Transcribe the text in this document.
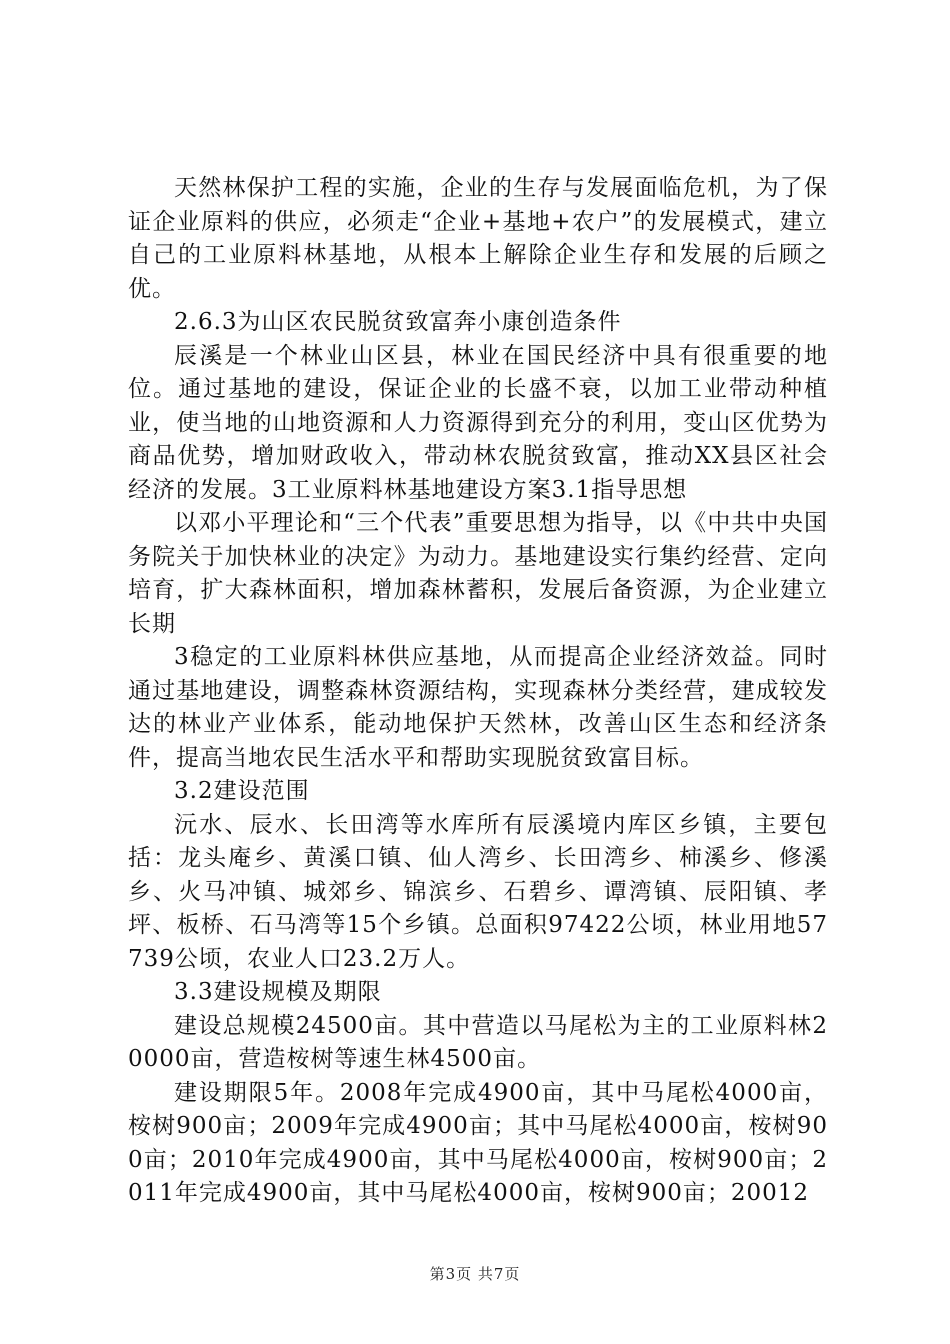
天然林保护工程的实施，企业的生存与发展面临危机，为了保证企业原料的供应，必须走“企业+基地+农户”的发展模式，建立自己的工业原料林基地，从根本上解除企业生存和发展的后顾之优。

2.6.3为山区农民脱贫致富奔小康创造条件

辰溪是一个林业山区县，林业在国民经济中具有很重要的地位。通过基地的建设，保证企业的长盛不衰，以加工业带动种植业，使当地的山地资源和人力资源得到充分的利用，变山区优势为商品优势，增加财政收入，带动林农脱贫致富，推动XX县区社会经济的发展。3工业原料林基地建设方案3.1指导思想

以邓小平理论和“三个代表”重要思想为指导，以《中共中央国务院关于加快林业的决定》为动力。基地建设实行集约经营、定向培育，扩大森林面积，增加森林蓄积，发展后备资源，为企业建立长期

3稳定的工业原料林供应基地，从而提高企业经济效益。同时通过基地建设，调整森林资源结构，实现森林分类经营，建成较发达的林业产业体系，能动地保护天然林，改善山区生态和经济条件，提高当地农民生活水平和帮助实现脱贫致富目标。

3.2建设范围

沅水、辰水、长田湾等水库所有辰溪境内库区乡镇，主要包括：龙头庵乡、黄溪口镇、仙人湾乡、长田湾乡、柿溪乡、修溪乡、火马冲镇、城郊乡、锦滨乡、石碧乡、谭湾镇、辰阳镇、孝坪、板桥、石马湾等15个乡镇。总面积97422公顷，林业用地57739公顷，农业人口23.2万人。

3.3建设规模及期限

建设总规模24500亩。其中营造以马尾松为主的工业原料林20000亩，营造桉树等速生林4500亩。

建设期限5年。2008年完成4900亩，其中马尾松4000亩，桉树900亩；2009年完成4900亩；其中马尾松4000亩，桉树900亩；2010年完成4900亩，其中马尾松4000亩，桉树900亩；2011年完成4900亩，其中马尾松4000亩，桉树900亩；20012

第3页 共7页
